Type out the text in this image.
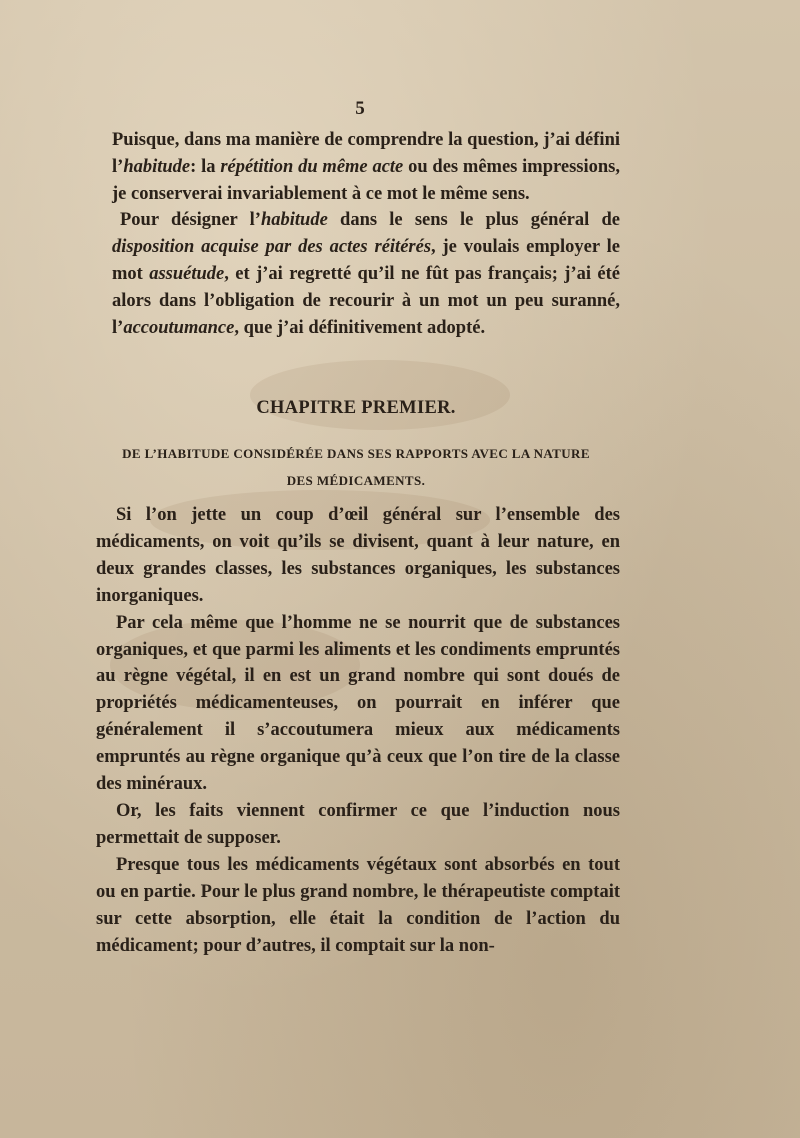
5

Puisque, dans ma manière de comprendre la question, j’ai défini l’habitude: la répétition du même acte ou des mêmes impressions, je conserverai invariablement à ce mot le même sens.

Pour désigner l’habitude dans le sens le plus général de disposition acquise par des actes réitérés, je voulais employer le mot assuétude, et j’ai regretté qu’il ne fût pas français; j’ai été alors dans l’obligation de recourir à un mot un peu suranné, l’accoutumance, que j’ai définitivement adopté.

CHAPITRE PREMIER.
DE L’HABITUDE CONSIDÉRÉE DANS SES RAPPORTS AVEC LA NATURE
DES MÉDICAMENTS.

Si l’on jette un coup d’œil général sur l’ensemble des médicaments, on voit qu’ils se divisent, quant à leur nature, en deux grandes classes, les substances organiques, les substances inorganiques.

Par cela même que l’homme ne se nourrit que de substances organiques, et que parmi les aliments et les condiments empruntés au règne végétal, il en est un grand nombre qui sont doués de propriétés médicamenteuses, on pourrait en inférer que généralement il s’accoutumera mieux aux médicaments empruntés au règne organique qu’à ceux que l’on tire de la classe des minéraux.

Or, les faits viennent confirmer ce que l’induction nous permettait de supposer.

Presque tous les médicaments végétaux sont absorbés en tout ou en partie. Pour le plus grand nombre, le thérapeutiste comptait sur cette absorption, elle était la condition de l’action du médicament; pour d’autres, il comptait sur la non-
